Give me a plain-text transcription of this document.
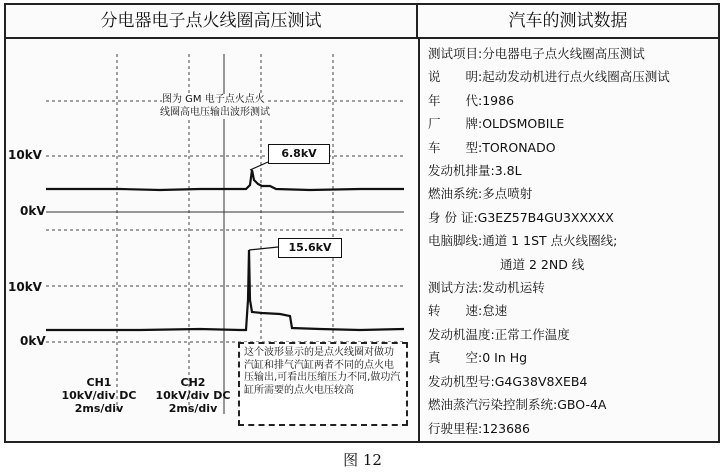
分电器电子点火线圈高压测试	汽车的测试数据
10kV
0kV
10kV
0kV
图为 GM 电子点火点火
线圈高电压输出波形测试
6.8kV
15.6kV
CH1
10kV/div DC
2ms/div
CH2
10kV/div DC
2ms/div
这个波形显示的是点火线圈对做功汽缸和排气汽缸两者不同的点火电压输出,可看出压缩压力不同,做功汽缸所需要的点火电压较高
测试项目:分电器电子点火线圈高压测试
说　　明:起动发动机进行点火线圈高压测试
年　　代:1986
厂　　牌:OLDSMOBILE
车　　型:TORONADO
发动机排量:3.8L
燃油系统:多点喷射
身 份 证:G3EZ57B4GU3XXXXX
电脑脚线:通道 1 1ST 点火线圈线;
通道 2 2ND 线
测试方法:发动机运转
转　　速:怠速
发动机温度:正常工作温度
真　　空:0 In Hg
发动机型号:G4G38V8XEB4
燃油蒸汽污染控制系统:GBO-4A
行驶里程:123686
图 12
